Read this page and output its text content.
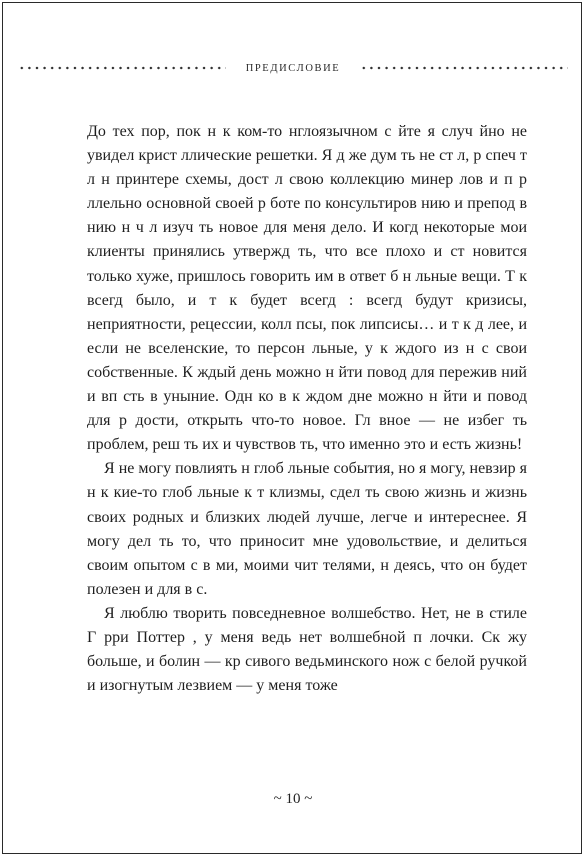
ПРЕДИСЛОВИЕ

До тех пор, пок н к ком-то нглоязычном с йте я случ йно не увидел крист ллические решетки. Я д же дум ть не ст л, р спеч т л н принтере схемы, дост л свою коллекцию минер лов и п р ллельно основной своей р боте по консультиров нию и препод в нию н ч л изуч ть новое для меня дело. И когд некоторые мои клиенты принялись утвержд ть, что все плохо и ст новится только хуже, пришлось говорить им в ответ б н льные вещи. Т к всегд было, и т к будет всегд : всегд будут кризисы, неприятности, рецессии, колл псы, пок липсисы… и т к д лее, и если не вселенские, то персон льные, у к ждого из н с свои собственные. К ждый день можно н йти повод для пережив ний и вп сть в уныние. Одн ко в к ждом дне можно н йти и повод для р дости, открыть что-то новое. Гл вное — не избег ть проблем, реш ть их и чувствов ть, что именно это и есть жизнь!

Я не могу повлиять н глоб льные события, но я могу, невзир я н к кие-то глоб льные к т клизмы, сдел ть свою жизнь и жизнь своих родных и близких людей лучше, легче и интереснее. Я могу дел ть то, что приносит мне удовольствие, и делиться своим опытом с в ми, моими чит телями, н деясь, что он будет полезен и для в с.

Я люблю творить повседневное волшебство. Нет, не в стиле Г рри Поттер , у меня ведь нет волшебной п лочки. Ск жу больше, и болин — кр сивого ведьминского нож с белой ручкой и изогнутым лезвием — у меня тоже

~ 10 ~
